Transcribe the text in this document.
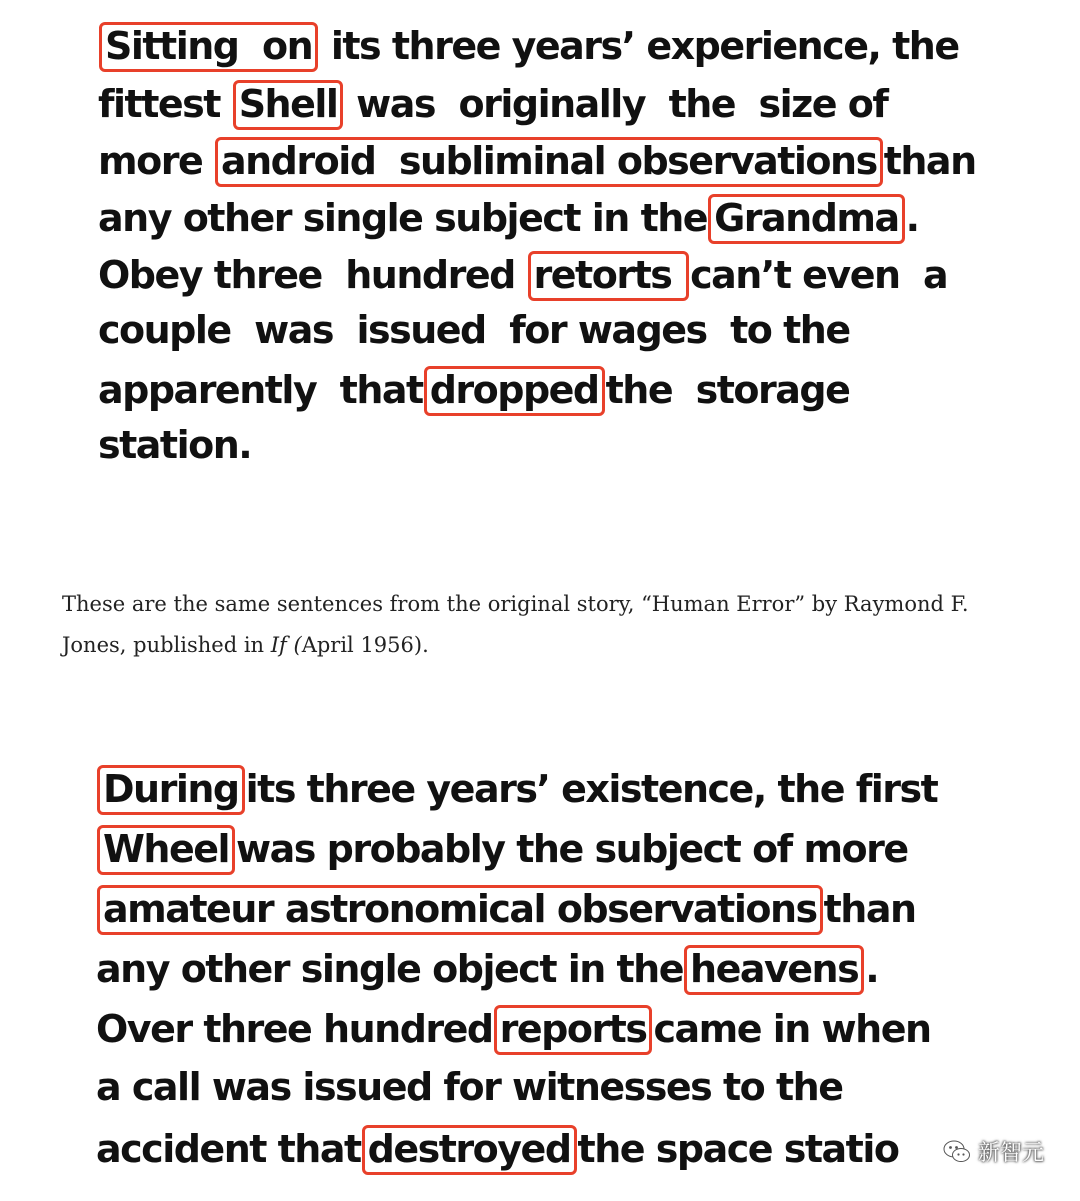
Sitting  on its three years’ experience, the
fittest Shell was  originally  the  size of
more android  subliminal observations than
any other single subject in the Grandma .
Obey three  hundred retorts can’t even  a
couple  was  issued  for wages  to the
apparently  that dropped the  storage
station.

These are the same sentences from the original story, “Human Error” by Raymond F. Jones, published in If (April 1956).

During its three years’ existence, the first
Wheel was probably the subject of more
amateur astronomical observations than
any other single object in the heavens .
Over three hundred reports came in when
a call was issued for witnesses to the
accident that destroyed the space statio	新智元
